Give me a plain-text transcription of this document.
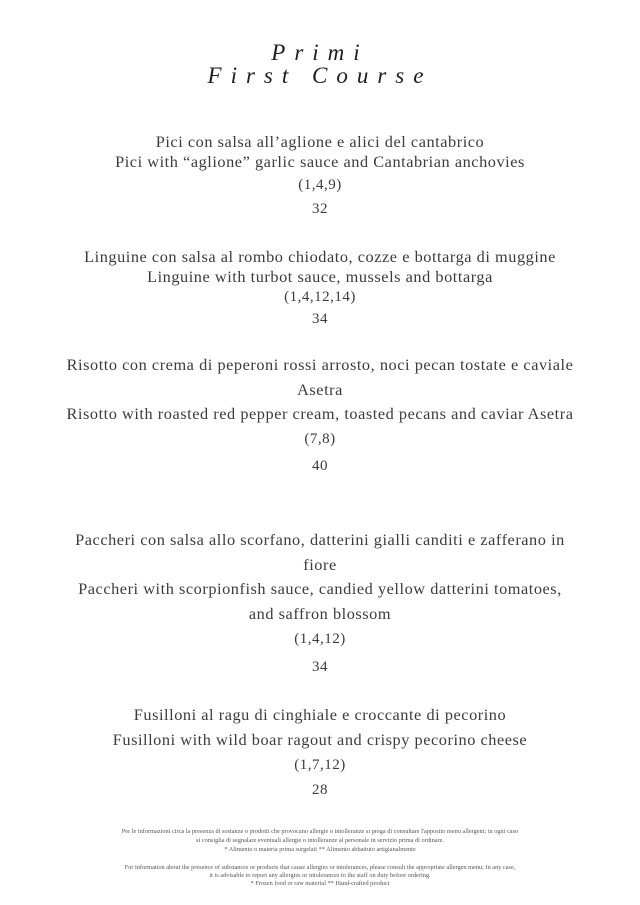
Primi
First Course
Pici con salsa all’aglione e alici del cantabrico
Pici with “aglione” garlic sauce and Cantabrian anchovies
(1,4,9)
32
Linguine con salsa al rombo chiodato, cozze e bottarga di muggine
Linguine with turbot sauce, mussels and bottarga
(1,4,12,14)
34
Risotto con crema di peperoni rossi arrosto, noci pecan tostate e caviale
Asetra
Risotto with roasted red pepper cream, toasted pecans and caviar Asetra
(7,8)
40
Paccheri con salsa allo scorfano, datterini gialli canditi e zafferano in
fiore
Paccheri with scorpionfish sauce, candied yellow datterini tomatoes,
and saffron blossom
(1,4,12)
34
Fusilloni al ragu di cinghiale e croccante di pecorino
Fusilloni with wild boar ragout and crispy pecorino cheese
(1,7,12)
28
Per le informazioni circa la presenza di sostanze o prodotti che provocano allergie o intolleranze si prega di consultare l'apposito menu allergeni; in ogni caso
si consiglia di segnalare eventuali allergie o intolleranze al personale in servizio prima di ordinare.
* Alimento o materia prima surgelati ** Alimento abbattuto artigianalmente
For information about the presence of substances or products that cause allergies or intolerances, please consult the appropriate allergen menu; In any case,
it is advisable to report any allergies or intolerances to the staff on duty before ordering.
* Frozen food or raw material ** Hand-crafted product
